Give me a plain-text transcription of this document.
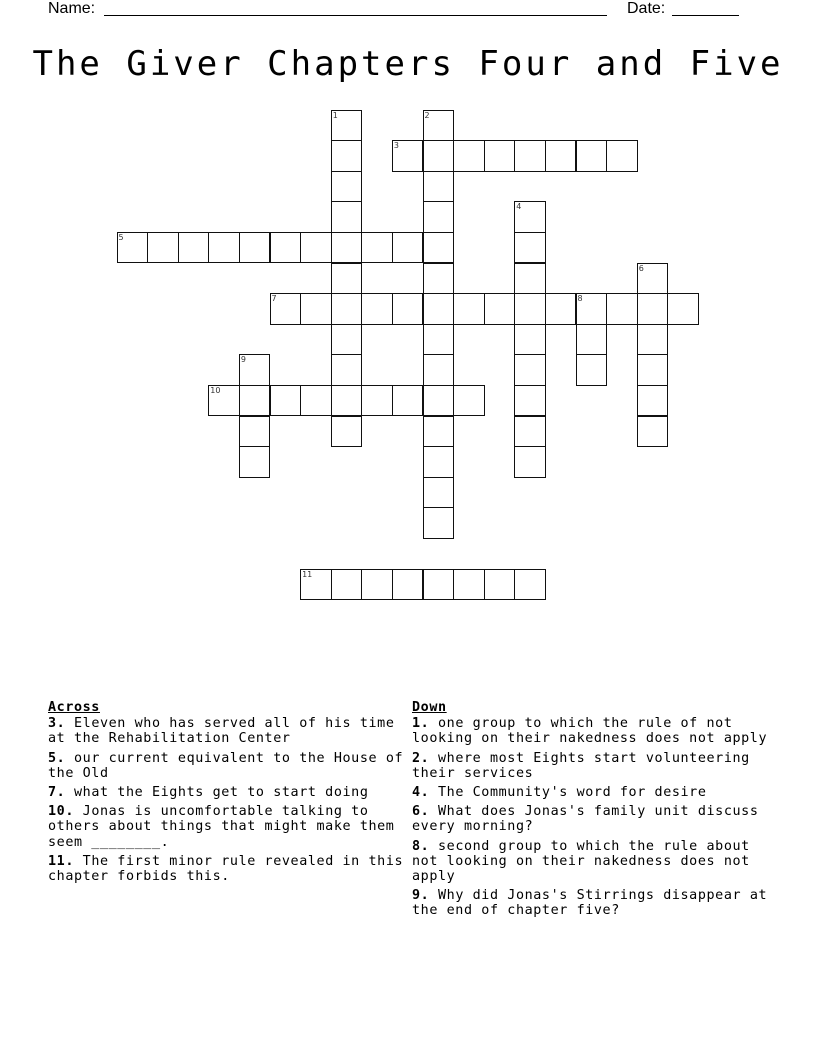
Name:	Date:
The Giver Chapters Four and Five
1	2
3
4
5
6
7	8
9
10
11
Across
3. Eleven who has served all of his time at the Rehabilitation Center
5. our current equivalent to the House of the Old
7. what the Eights get to start doing
10. Jonas is uncomfortable talking to others about things that might make them seem ________.
11. The first minor rule revealed in this chapter forbids this.
Down
1. one group to which the rule of not looking on their nakedness does not apply
2. where most Eights start volunteering their services
4. The Community's word for desire
6. What does Jonas's family unit discuss every morning?
8. second group to which the rule about not looking on their nakedness does not apply
9. Why did Jonas's Stirrings disappear at the end of chapter five?
